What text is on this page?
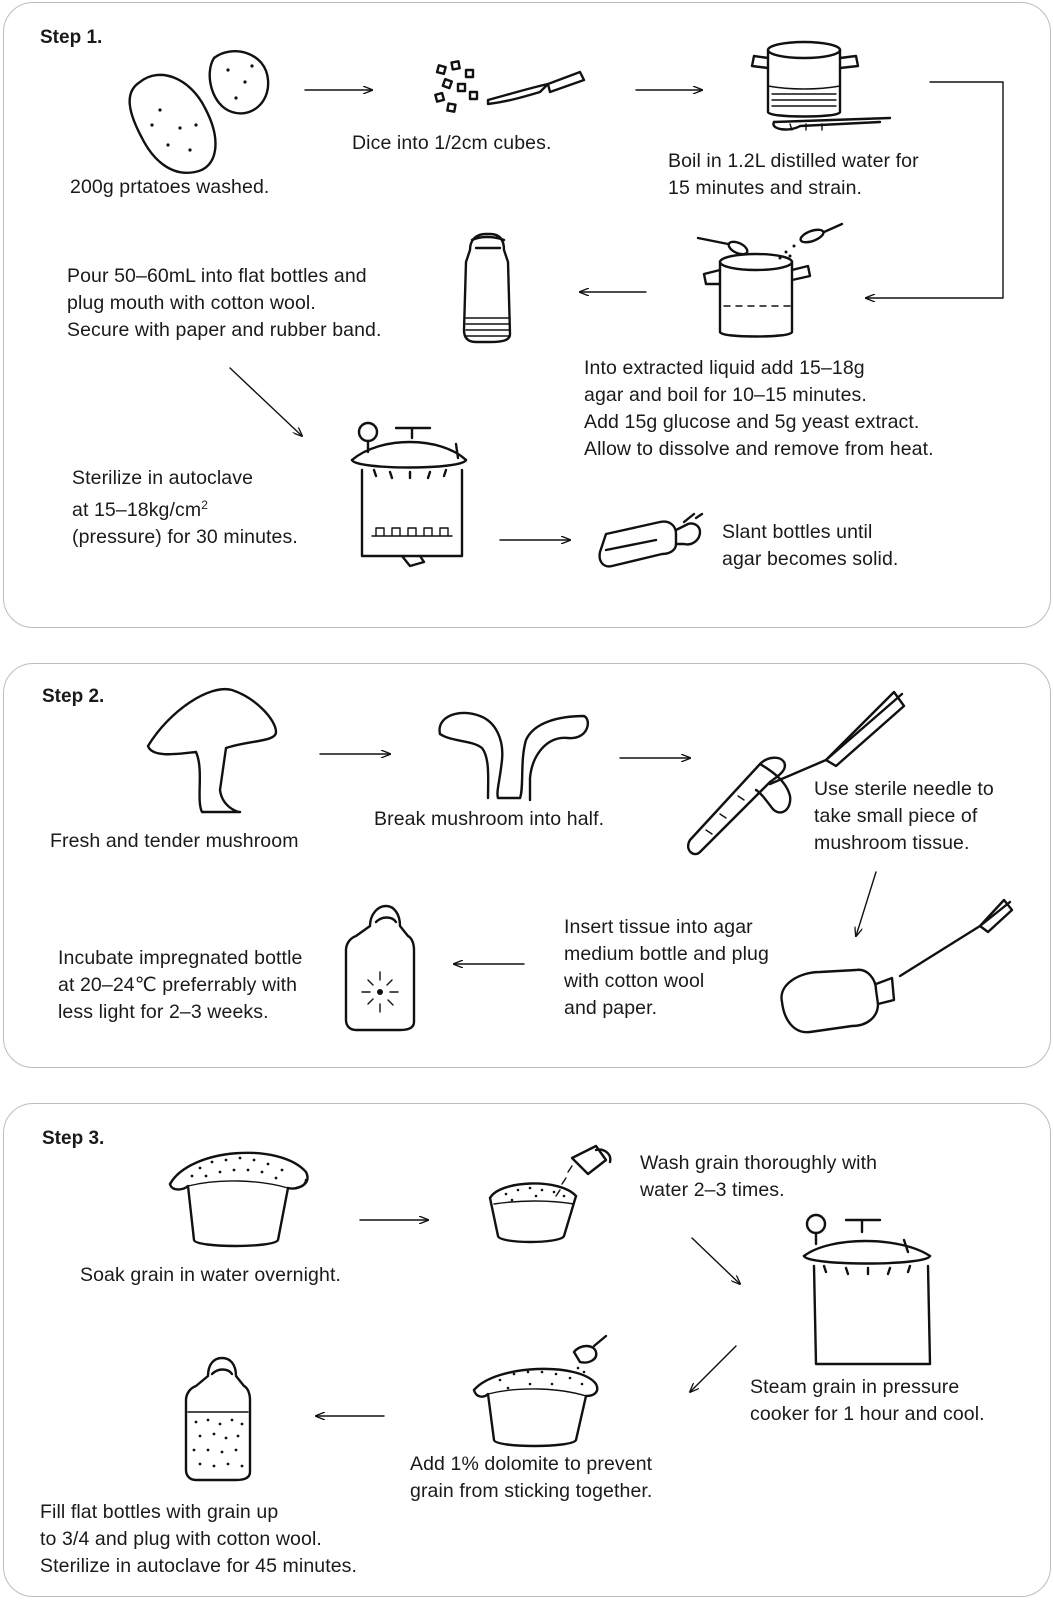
Step 1.
200g prtatoes washed.
Dice into 1/2cm cubes.
Boil in 1.2L distilled water for
15 minutes and strain.
Pour 50–60mL into flat bottles and
plug mouth with cotton wool.
Secure with paper and rubber band.
Into extracted liquid add 15–18g
agar and boil for 10–15 minutes.
Add 15g glucose and 5g yeast extract.
Allow to dissolve and remove from heat.
Sterilize in autoclave
at $15-18kg/cm^2$
(pressure) for 30 minutes.	Slant bottles until
agar becomes solid.
Step 2.
Fresh and tender mushroom
Break mushroom into half.
Use sterile needle to
take small piece of
mushroom tissue.
Incubate impregnated bottle
at 20–24℃ preferrably with
less light for 2–3 weeks.
Insert tissue into agar
medium bottle and plug
with cotton wool
and paper.
Step 3.
Soak grain in water overnight.
Wash grain thoroughly with
water 2–3 times.
Steam grain in pressure
cooker for 1 hour and cool.
Add 1% dolomite to prevent
grain from sticking together.
Fill flat bottles with grain up
to 3/4 and plug with cotton wool.
Sterilize in autoclave for 45 minutes.
